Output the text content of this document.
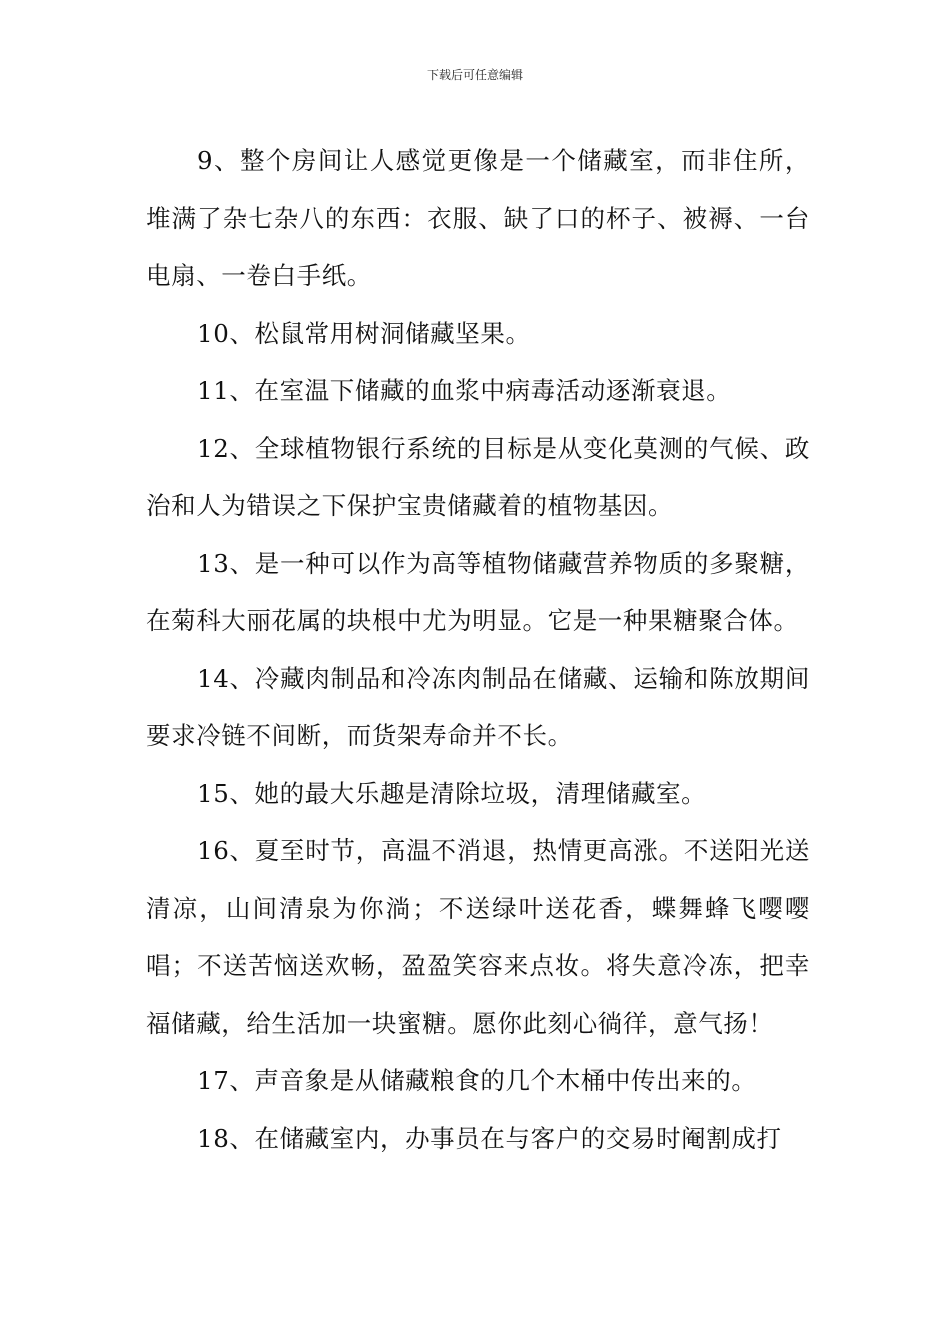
下载后可任意编辑

9、整个房间让人感觉更像是一个储藏室，而非住所，堆满了杂七杂八的东西：衣服、缺了口的杯子、被褥、一台电扇、一卷白手纸。

10、松鼠常用树洞储藏坚果。

11、在室温下储藏的血浆中病毒活动逐渐衰退。

12、全球植物银行系统的目标是从变化莫测的气候、政治和人为错误之下保护宝贵储藏着的植物基因。

13、是一种可以作为高等植物储藏营养物质的多聚糖，在菊科大丽花属的块根中尤为明显。它是一种果糖聚合体。

14、冷藏肉制品和冷冻肉制品在储藏、运输和陈放期间要求冷链不间断，而货架寿命并不长。

15、她的最大乐趣是清除垃圾，清理储藏室。

16、夏至时节，高温不消退，热情更高涨。不送阳光送清凉，山间清泉为你淌；不送绿叶送花香，蝶舞蜂飞嘤嘤唱；不送苦恼送欢畅，盈盈笑容来点妆。将失意冷冻，把幸福储藏，给生活加一块蜜糖。愿你此刻心徜徉，意气扬！

17、声音象是从储藏粮食的几个木桶中传出来的。

18、在储藏室内，办事员在与客户的交易时阉割成打
